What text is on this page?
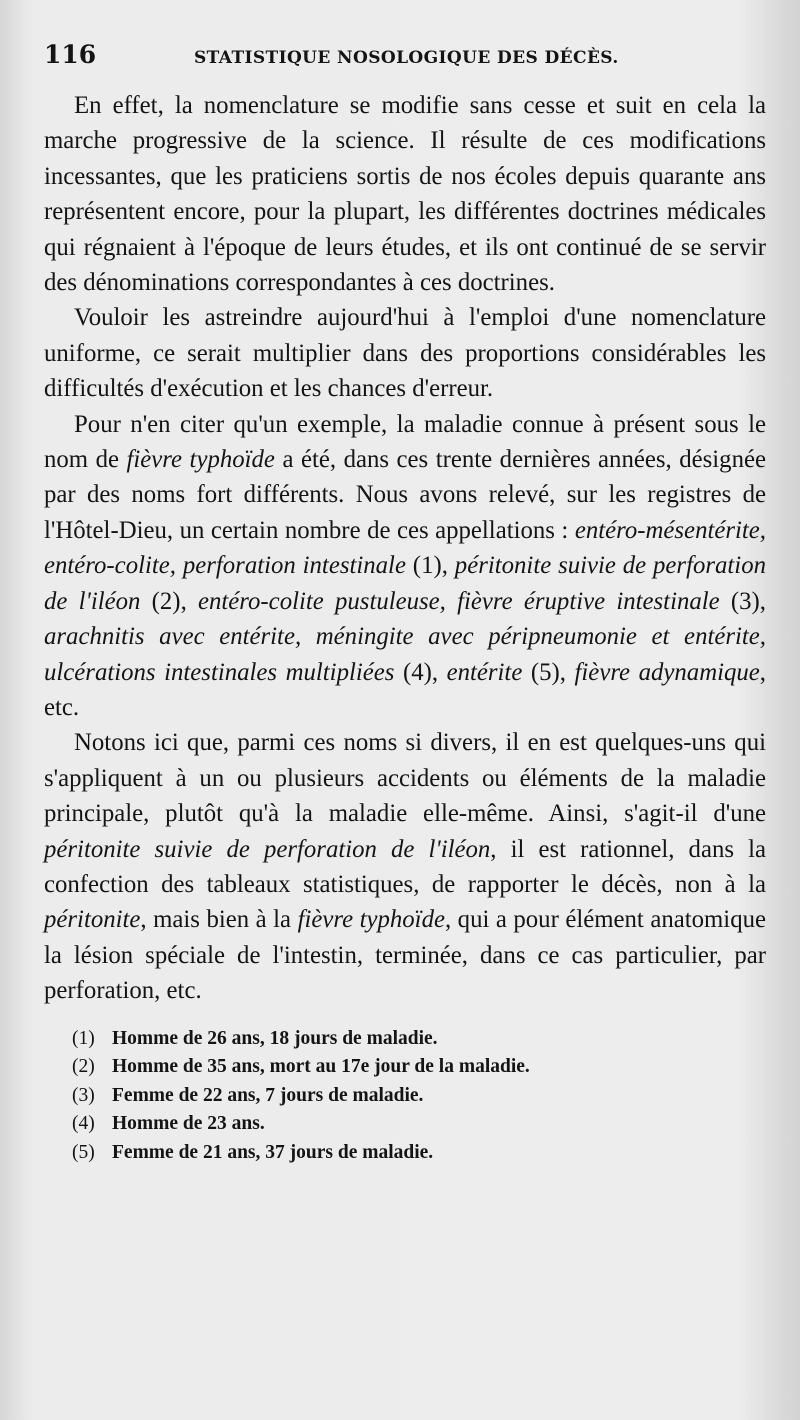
116	STATISTIQUE NOSOLOGIQUE DES DÉCÈS.

En effet, la nomenclature se modifie sans cesse et suit en cela la marche progressive de la science. Il résulte de ces modifications incessantes, que les praticiens sortis de nos écoles depuis quarante ans représentent encore, pour la plupart, les différentes doctrines médicales qui régnaient à l'époque de leurs études, et ils ont continué de se servir des dénominations correspondantes à ces doctrines.

Vouloir les astreindre aujourd'hui à l'emploi d'une nomenclature uniforme, ce serait multiplier dans des proportions considérables les difficultés d'exécution et les chances d'erreur.

Pour n'en citer qu'un exemple, la maladie connue à présent sous le nom de fièvre typhoïde a été, dans ces trente dernières années, désignée par des noms fort différents. Nous avons relevé, sur les registres de l'Hôtel-Dieu, un certain nombre de ces appellations : entéro-mésentérite, entéro-colite, perforation intestinale (1), péritonite suivie de perforation de l'iléon (2), entéro-colite pustuleuse, fièvre éruptive intestinale (3), arachnitis avec entérite, méningite avec péripneumonie et entérite, ulcérations intestinales multipliées (4), entérite (5), fièvre adynamique, etc.

Notons ici que, parmi ces noms si divers, il en est quelques-uns qui s'appliquent à un ou plusieurs accidents ou éléments de la maladie principale, plutôt qu'à la maladie elle-même. Ainsi, s'agit-il d'une péritonite suivie de perforation de l'iléon, il est rationnel, dans la confection des tableaux statistiques, de rapporter le décès, non à la péritonite, mais bien à la fièvre typhoïde, qui a pour élément anatomique la lésion spéciale de l'intestin, terminée, dans ce cas particulier, par perforation, etc.

(1) Homme de 26 ans, 18 jours de maladie.
(2) Homme de 35 ans, mort au 17e jour de la maladie.
(3) Femme de 22 ans, 7 jours de maladie.
(4) Homme de 23 ans.
(5) Femme de 21 ans, 37 jours de maladie.
